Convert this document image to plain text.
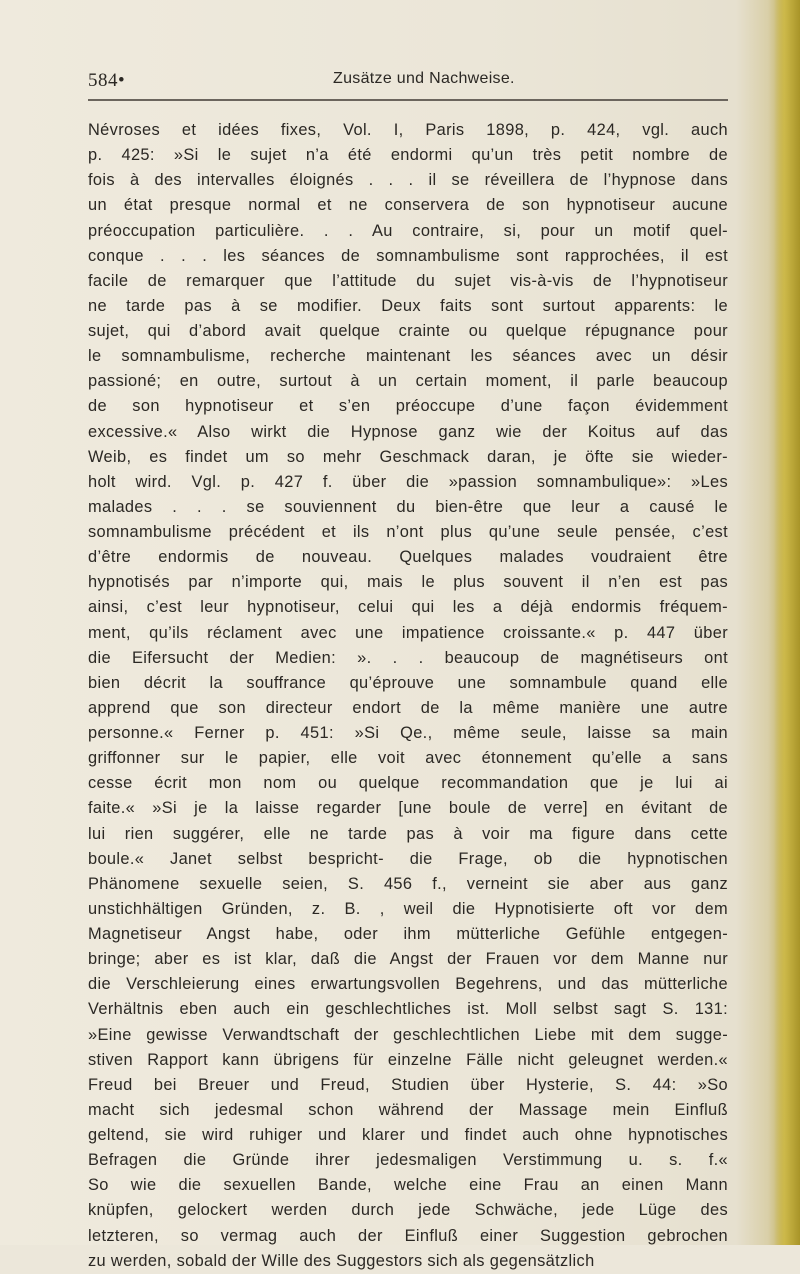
584•	Zusätze und Nachweise.
Névroses et idées fixes, Vol. I, Paris 1898, p. 424, vgl. auch
p. 425: »Si le sujet n’a été endormi qu’un très petit nombre de
fois à des intervalles éloignés . . . il se réveillera de l’hypnose dans
un état presque normal et ne conservera de son hypnotiseur aucune
préoccupation particulière. . . Au contraire, si, pour un motif quel-
conque . . . les séances de somnambulisme sont rapprochées, il est
facile de remarquer que l’attitude du sujet vis-à-vis de l’hypnotiseur
ne tarde pas à se modifier. Deux faits sont surtout apparents: le
sujet, qui d’abord avait quelque crainte ou quelque répugnance pour
le somnambulisme, recherche maintenant les séances avec un désir
passioné; en outre, surtout à un certain moment, il parle beaucoup
de son hypnotiseur et s’en préoccupe d’une façon évidemment
excessive.« Also wirkt die Hypnose ganz wie der Koitus auf das
Weib, es findet um so mehr Geschmack daran, je öfte sie wieder-
holt wird. Vgl. p. 427 f. über die »passion somnambulique»: »Les
malades . . . se souviennent du bien-être que leur a causé le
somnambulisme précédent et ils n’ont plus qu’une seule pensée, c’est
d’être endormis de nouveau. Quelques malades voudraient être
hypnotisés par n’importe qui, mais le plus souvent il n’en est pas
ainsi, c’est leur hypnotiseur, celui qui les a déjà endormis fréquem-
ment, qu’ils réclament avec une impatience croissante.« p. 447 über
die Eifersucht der Medien: ». . . beaucoup de magnétiseurs ont
bien décrit la souffrance qu’éprouve une somnambule quand elle
apprend que son directeur endort de la même manière une autre
personne.« Ferner p. 451: »Si Qe., même seule, laisse sa main
griffonner sur le papier, elle voit avec étonnement qu’elle a sans
cesse écrit mon nom ou quelque recommandation que je lui ai
faite.« »Si je la laisse regarder [une boule de verre] en évitant de
lui rien suggérer, elle ne tarde pas à voir ma figure dans cette
boule.« Janet selbst bespricht- die Frage, ob die hypnotischen
Phänomene sexuelle seien, S. 456 f., verneint sie aber aus ganz
unstichhältigen Gründen, z. B. , weil die Hypnotisierte oft vor dem
Magnetiseur Angst habe, oder ihm mütterliche Gefühle entgegen-
bringe; aber es ist klar, daß die Angst der Frauen vor dem Manne nur
die Verschleierung eines erwartungsvollen Begehrens, und das mütterliche
Verhältnis eben auch ein geschlechtliches ist. Moll selbst sagt S. 131:
»Eine gewisse Verwandtschaft der geschlechtlichen Liebe mit dem sugge-
stiven Rapport kann übrigens für einzelne Fälle nicht geleugnet werden.«
Freud bei Breuer und Freud, Studien über Hysterie, S. 44: »So
macht sich jedesmal schon während der Massage mein Einfluß
geltend, sie wird ruhiger und klarer und findet auch ohne hypnotisches
Befragen die Gründe ihrer jedesmaligen Verstimmung u. s. f.«
So wie die sexuellen Bande, welche eine Frau an einen Mann
knüpfen, gelockert werden durch jede Schwäche, jede Lüge des
letzteren, so vermag auch der Einfluß einer Suggestion gebrochen
zu werden, sobald der Wille des Suggestors sich als gegensätzlich
